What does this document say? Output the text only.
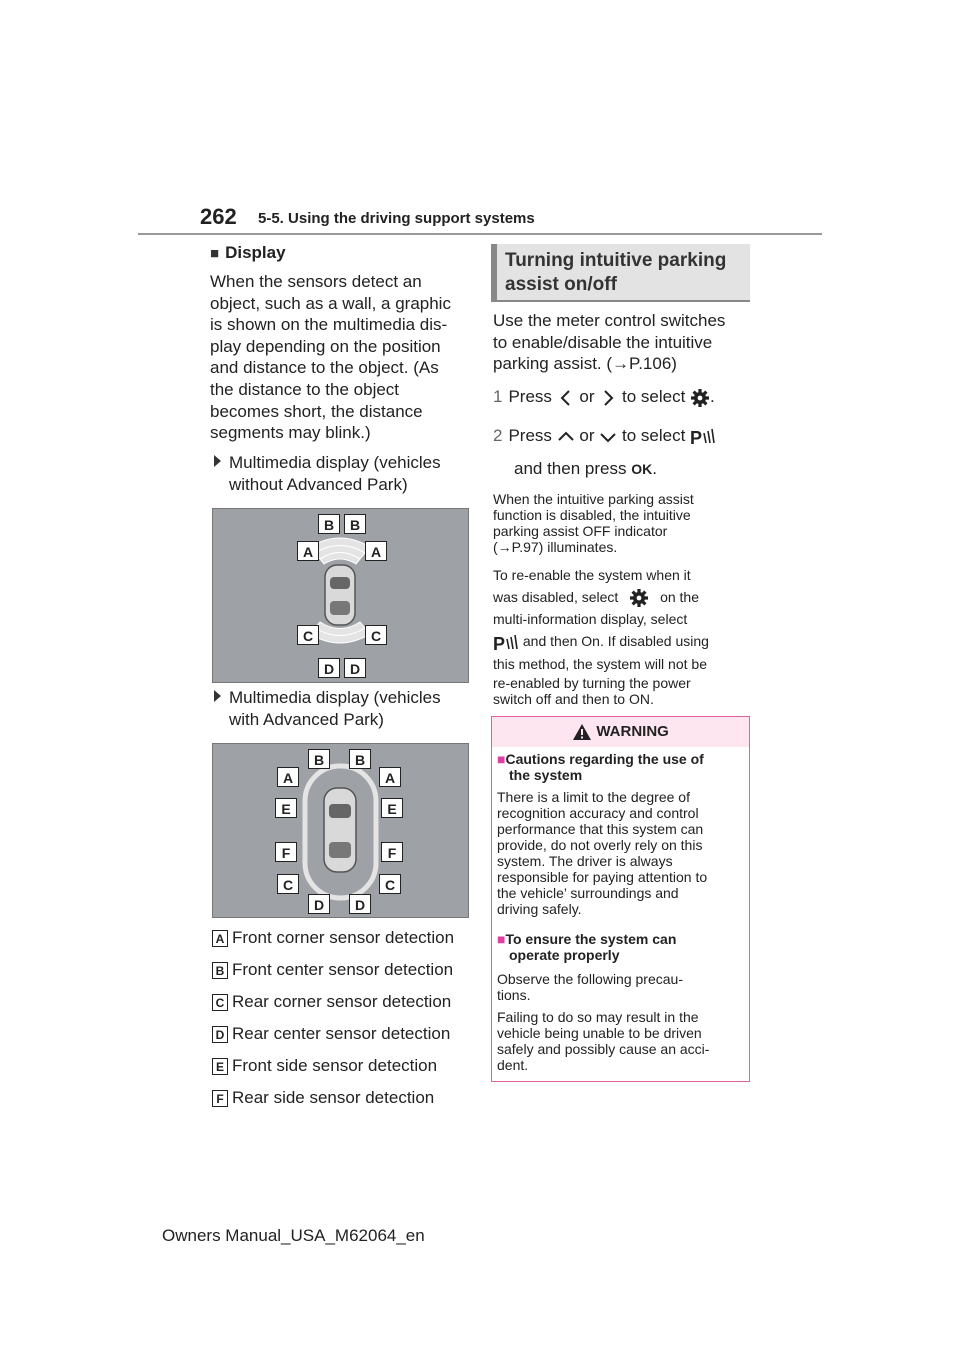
262 5-5. Using the driving support systems
■ Display
When the sensors detect an
object, such as a wall, a graphic
is shown on the multimedia dis-
play depending on the position
and distance to the object. (As
the distance to the object
becomes short, the distance
segments may blink.)
Multimedia display (vehicles
without Advanced Park)
B	B
A	A
C	C
D	D
Multimedia display (vehicles
with Advanced Park)
B	B
A	A
E	E
F	F
C	C
D	D
A Front corner sensor detection
B Front center sensor detection
C Rear corner sensor detection
D Rear center sensor detection
E Front side sensor detection
F Rear side sensor detection
Turning intuitive parking
assist on/off
Use the meter control switches
to enable/disable the intuitive
parking assist. (→P.106)
1 Press or to select .
2 Press or to select P
and then press OK.
When the intuitive parking assist
function is disabled, the intuitive
parking assist OFF indicator
(→P.97) illuminates.
To re-enable the system when it
was disabled, select	on the
multi-information display, select
P and then On. If disabled using
this method, the system will not be
re-enabled by turning the power
switch off and then to ON.
WARNING
■Cautions regarding the use of
the system
There is a limit to the degree of
recognition accuracy and control
performance that this system can
provide, do not overly rely on this
system. The driver is always
responsible for paying attention to
the vehicle’ surroundings and
driving safely.
■To ensure the system can
operate properly
Observe the following precau-
tions.
Failing to do so may result in the
vehicle being unable to be driven
safely and possibly cause an acci-
dent.
Owners Manual_USA_M62064_en
